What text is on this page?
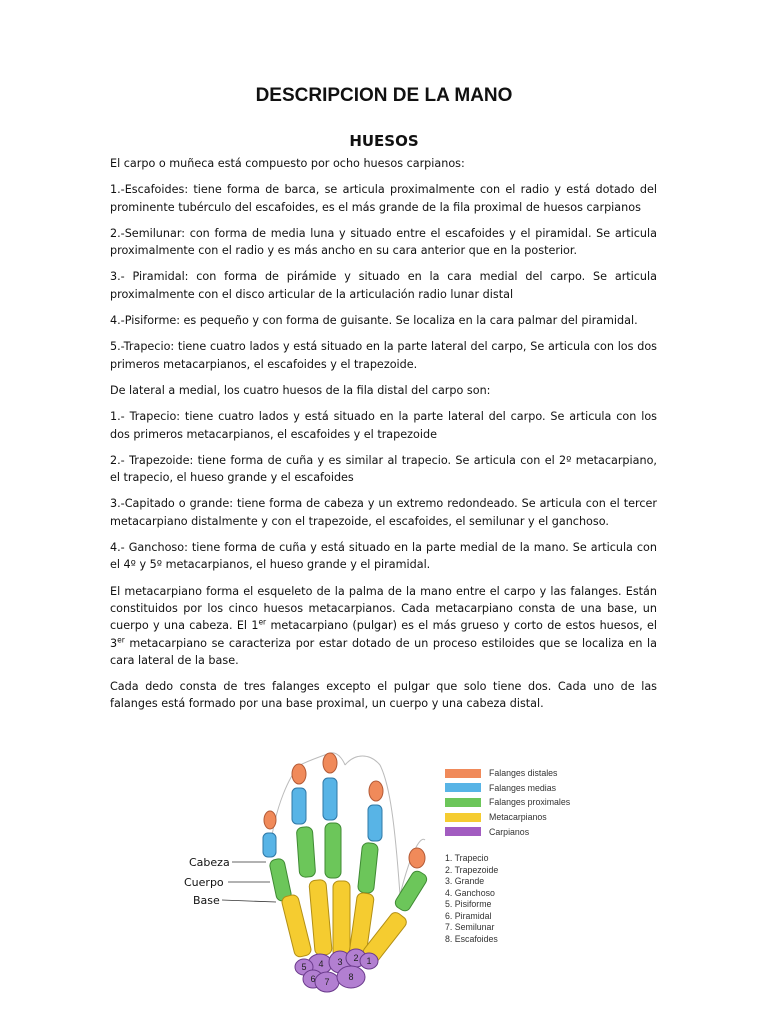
DESCRIPCION DE LA MANO
HUESOS

El carpo o muñeca está compuesto por ocho huesos carpianos:

1.-Escafoides: tiene forma de barca, se articula proximalmente con el radio y está dotado del prominente tubérculo del escafoides, es el más grande de la fila proximal de huesos carpianos

2.-Semilunar: con forma de media luna y situado entre el escafoides y el piramidal. Se articula proximalmente con el radio y es más ancho en su cara anterior que en la posterior.

3.- Piramidal: con forma de pirámide y situado en la cara medial del carpo. Se articula proximalmente con el disco articular de la articulación radio lunar distal

4.-Pisiforme: es pequeño y con forma de guisante. Se localiza en la cara palmar del piramidal.

5.-Trapecio: tiene cuatro lados y está situado en la parte lateral del carpo, Se articula con los dos primeros metacarpianos, el escafoides y el trapezoide.

De lateral a medial, los cuatro huesos de la fila distal del carpo son:

1.- Trapecio: tiene cuatro lados y está situado en la parte lateral del carpo. Se articula con los dos primeros metacarpianos, el escafoides y el trapezoide

2.- Trapezoide: tiene forma de cuña y es similar al trapecio. Se articula con el 2º metacarpiano, el trapecio, el hueso grande y el escafoides

3.-Capitado o grande: tiene forma de cabeza y un extremo redondeado. Se articula con el tercer metacarpiano distalmente y con el trapezoide, el escafoides, el semilunar y el ganchoso.

4.- Ganchoso: tiene forma de cuña y está situado en la parte medial de la mano. Se articula con el 4º y 5º metacarpianos, el hueso grande y el piramidal.

El metacarpiano forma el esqueleto de la palma de la mano entre el carpo y las falanges. Están constituidos por los cinco huesos metacarpianos. Cada metacarpiano consta de una base, un cuerpo y una cabeza. El 1er metacarpiano (pulgar) es el más grueso y corto de estos huesos, el 3er metacarpiano se caracteriza por estar dotado de un proceso estiloides que se localiza en la cara lateral de la base.

Cada dedo consta de tres falanges excepto el pulgar que solo tiene dos. Cada uno de las falanges está formado por una base proximal, un cuerpo y una cabeza distal.

1
2
3
4
5
6 7 8
Cabeza
Cuerpo
Base
Falanges distales
Falanges medias
Falanges proximales
Metacarpianos
Carpianos
1. Trapecio
2. Trapezoide
3. Grande
4. Ganchoso
5. Pisiforme
6. Piramidal
7. Semilunar
8. Escafoides
